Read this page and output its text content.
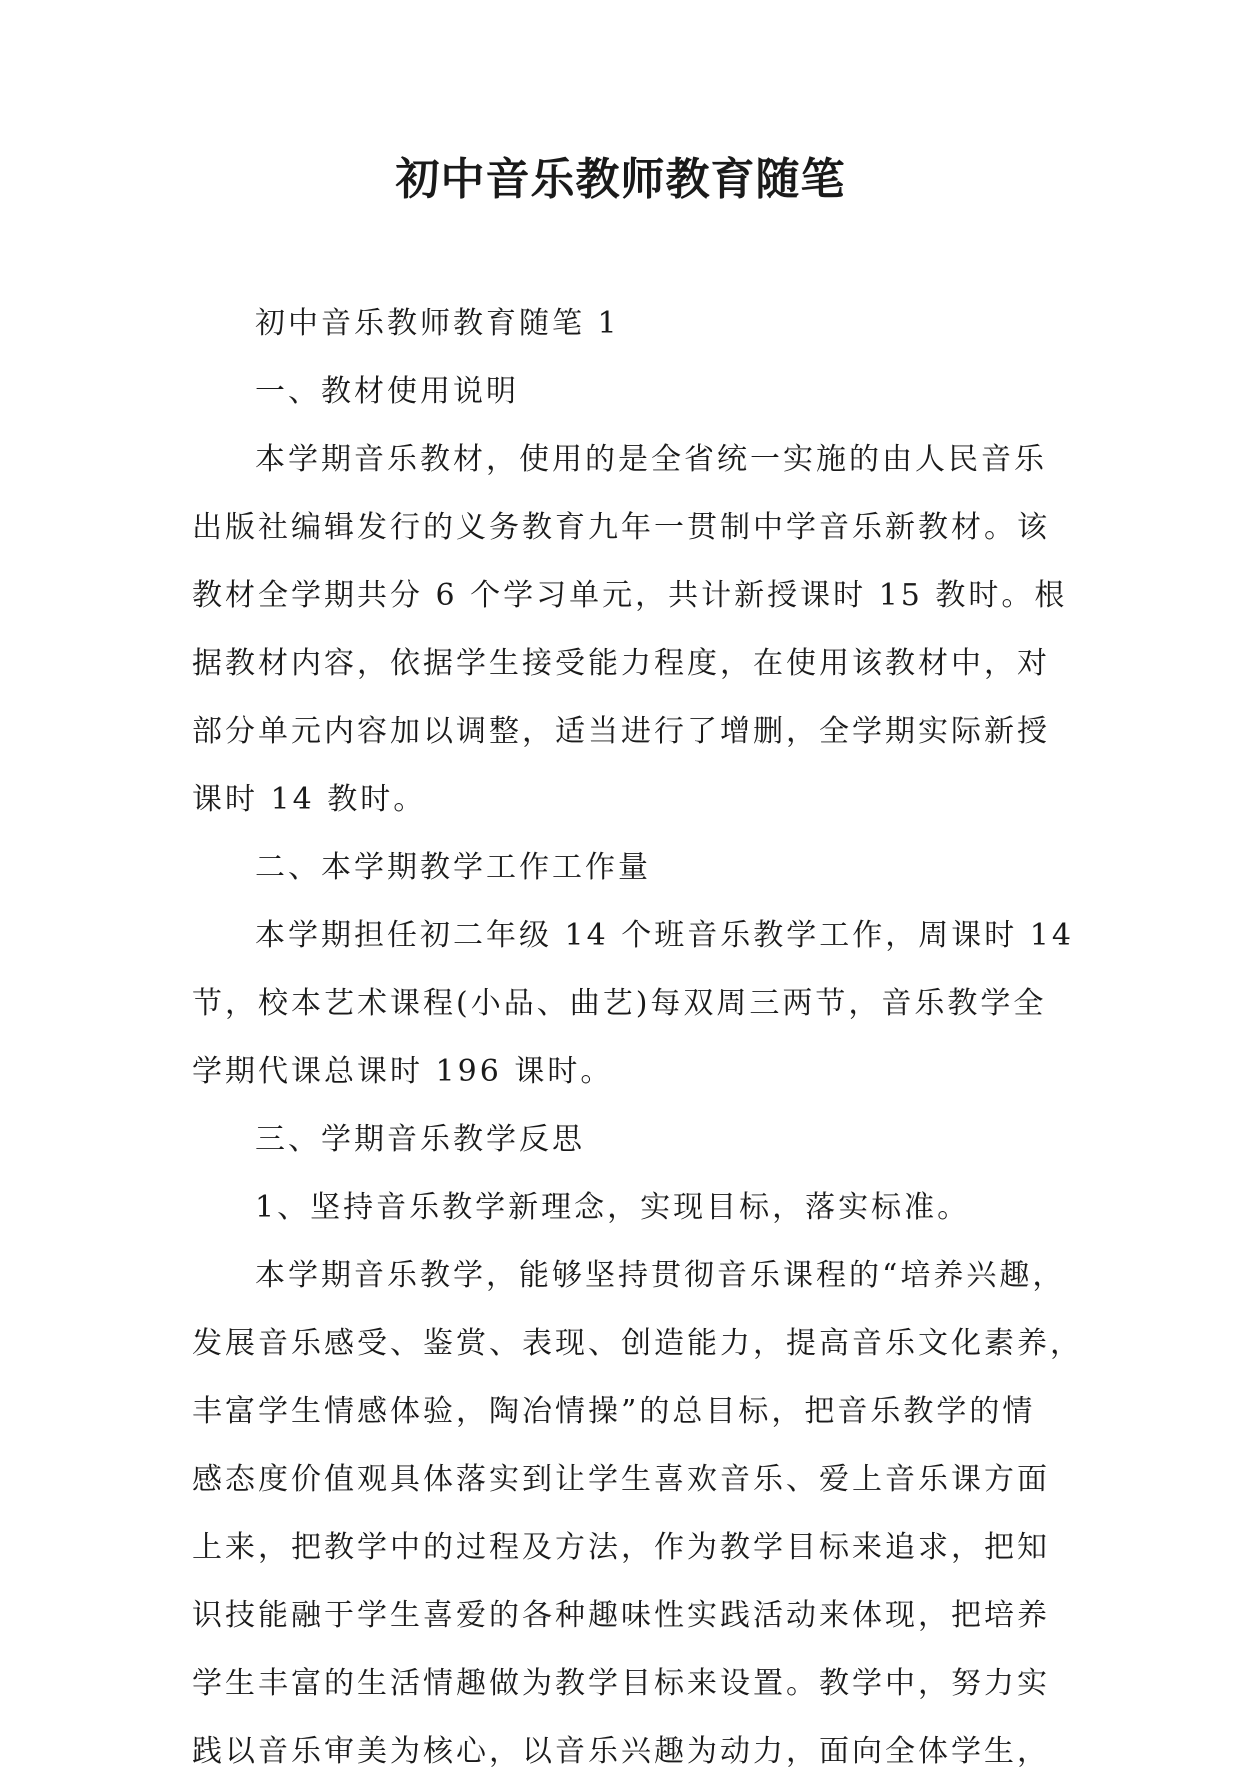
初中音乐教师教育随笔
初中音乐教师教育随笔 1
一、教材使用说明
本学期音乐教材，使用的是全省统一实施的由人民音乐
出版社编辑发行的义务教育九年一贯制中学音乐新教材。该
教材全学期共分 6 个学习单元，共计新授课时 15 教时。根
据教材内容，依据学生接受能力程度，在使用该教材中，对
部分单元内容加以调整，适当进行了增删，全学期实际新授
课时 14 教时。
二、本学期教学工作工作量
本学期担任初二年级 14 个班音乐教学工作，周课时 14
节，校本艺术课程(小品、曲艺)每双周三两节，音乐教学全
学期代课总课时 196 课时。
三、学期音乐教学反思
1、坚持音乐教学新理念，实现目标，落实标准。
本学期音乐教学，能够坚持贯彻音乐课程的“培养兴趣，
发展音乐感受、鉴赏、表现、创造能力，提高音乐文化素养，
丰富学生情感体验，陶冶情操”的总目标，把音乐教学的情
感态度价值观具体落实到让学生喜欢音乐、爱上音乐课方面
上来，把教学中的过程及方法，作为教学目标来追求，把知
识技能融于学生喜爱的各种趣味性实践活动来体现，把培养
学生丰富的生活情趣做为教学目标来设置。教学中，努力实
践以音乐审美为核心，以音乐兴趣为动力，面向全体学生，
